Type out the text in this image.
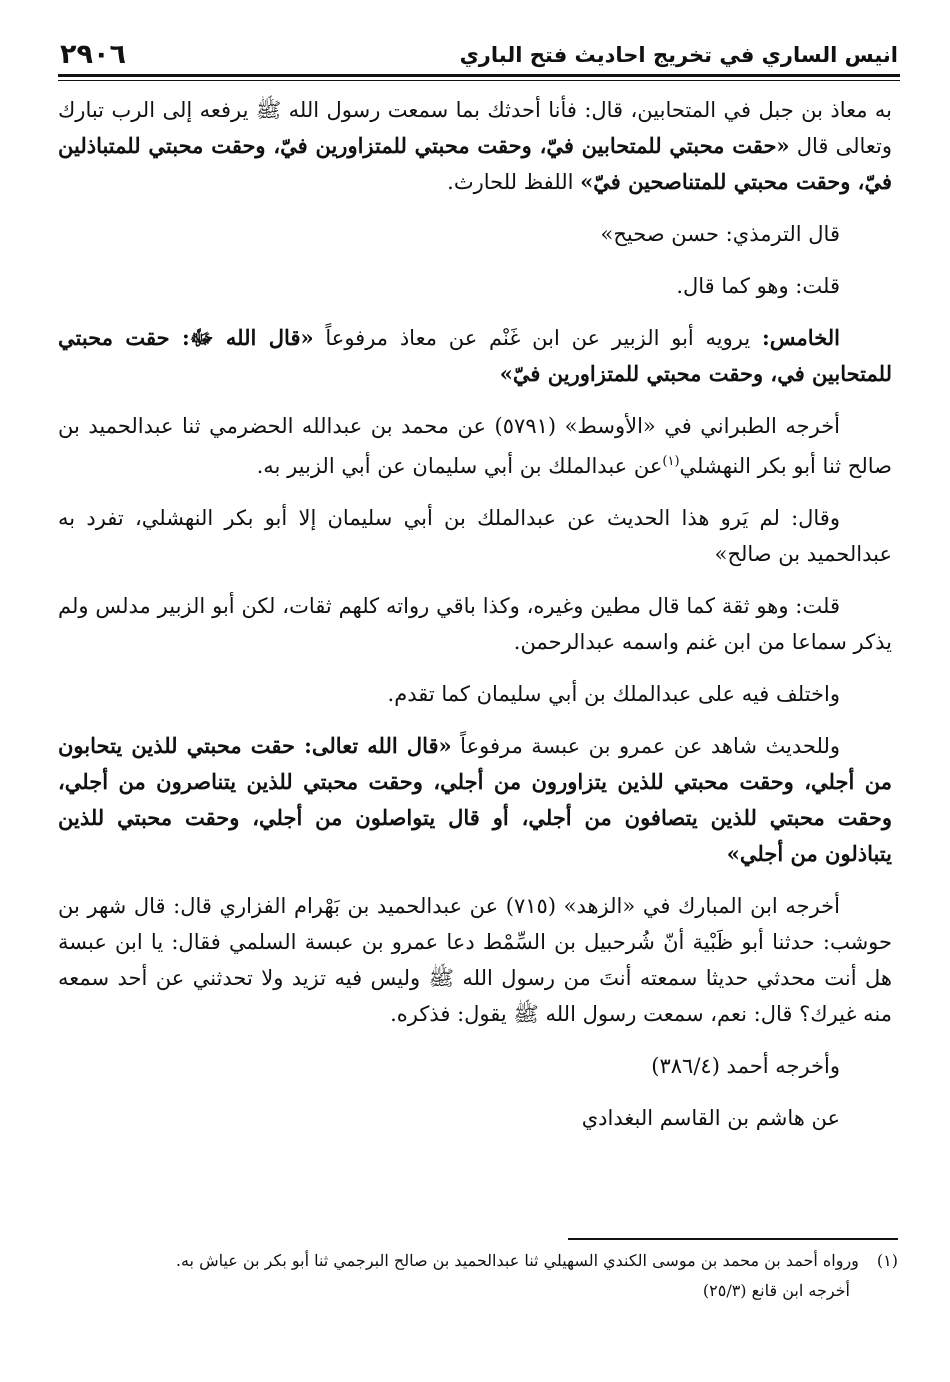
انيس الساري في تخريج احاديث فتح الباري
٢٩٠٦

به معاذ بن جبل في المتحابين، قال: فأنا أحدثك بما سمعت رسول الله ﷺ يرفعه إلى الرب تبارك وتعالى قال «حقت محبتي للمتحابين فيّ، وحقت محبتي للمتزاورين فيّ، وحقت محبتي للمتباذلين فيّ، وحقت محبتي للمتناصحين فيّ» اللفظ للحارث.

قال الترمذي: حسن صحيح»

قلت: وهو كما قال.

الخامس: يرويه أبو الزبير عن ابن غَنْم عن معاذ مرفوعاً «قال الله ﷻ: حقت محبتي للمتحابين في، وحقت محبتي للمتزاورين فيّ»

أخرجه الطبراني في «الأوسط» (٥٧٩١) عن محمد بن عبدالله الحضرمي ثنا عبدالحميد بن صالح ثنا أبو بكر النهشلي$^{(١)}$عن عبدالملك بن أبي سليمان عن أبي الزبير به.

وقال: لم يَرو هذا الحديث عن عبدالملك بن أبي سليمان إلا أبو بكر النهشلي، تفرد به عبدالحميد بن صالح»

قلت: وهو ثقة كما قال مطين وغيره، وكذا باقي رواته كلهم ثقات، لكن أبو الزبير مدلس ولم يذكر سماعا من ابن غنم واسمه عبدالرحمن.

واختلف فيه على عبدالملك بن أبي سليمان كما تقدم.

وللحديث شاهد عن عمرو بن عبسة مرفوعاً «قال الله تعالى: حقت محبتي للذين يتحابون من أجلي، وحقت محبتي للذين يتزاورون من أجلي، وحقت محبتي للذين يتناصرون من أجلي، وحقت محبتي للذين يتصافون من أجلي، أو قال يتواصلون من أجلي، وحقت محبتي للذين يتباذلون من أجلي»

أخرجه ابن المبارك في «الزهد» (٧١٥) عن عبدالحميد بن بَهْرام الفزاري قال: قال شهر بن حوشب: حدثنا أبو ظَبْية أنّ شُرحبيل بن السِّمْط دعا عمرو بن عبسة السلمي فقال: يا ابن عبسة هل أنت محدثي حديثا سمعته أنتَ من رسول الله ﷺ وليس فيه تزيد ولا تحدثني عن أحد سمعه منه غيرك؟ قال: نعم، سمعت رسول الله ﷺ يقول: فذكره.

وأخرجه أحمد (٣٨٦/٤)

عن هاشم بن القاسم البغدادي

(١)ورواه أحمد بن محمد بن موسى الكندي السهيلي ثنا عبدالحميد بن صالح البرجمي ثنا أبو بكر بن عياش به.

أخرجه ابن قانع (٢٥/٣)
